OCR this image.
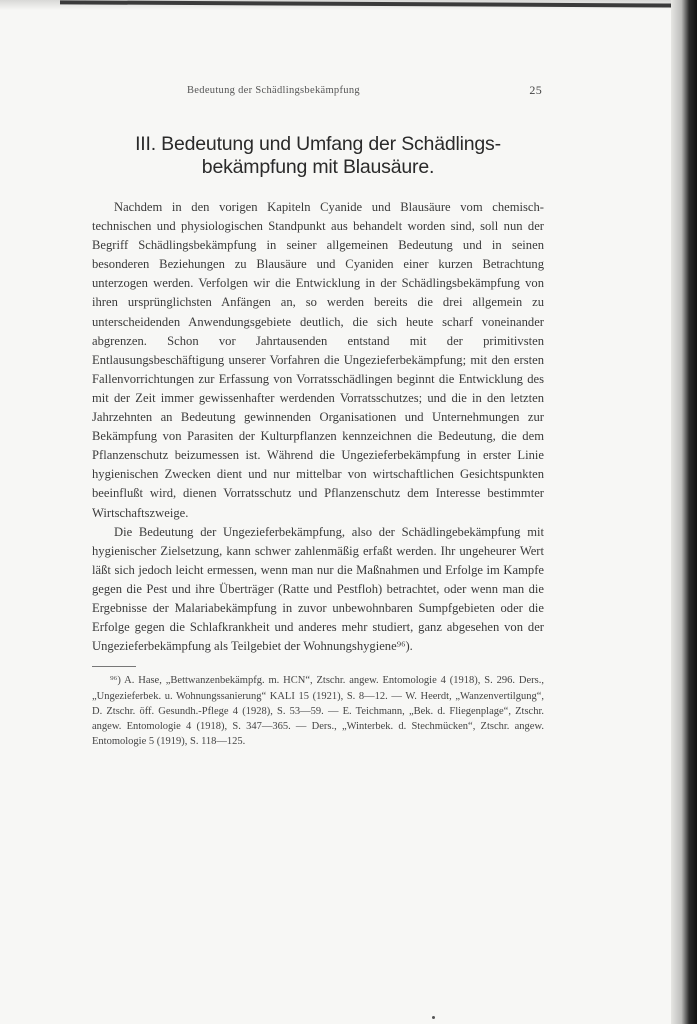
Bedeutung der Schädlingsbekämpfung	25
III. Bedeutung und Umfang der Schädlings-
bekämpfung mit Blausäure.

Nachdem in den vorigen Kapiteln Cyanide und Blausäure vom chemisch-technischen und physiologischen Standpunkt aus behandelt worden sind, soll nun der Begriff Schädlingsbekämpfung in seiner allgemeinen Bedeutung und in seinen besonderen Beziehungen zu Blausäure und Cyaniden einer kurzen Betrachtung unterzogen werden. Verfolgen wir die Entwicklung in der Schädlingsbekämpfung von ihren ursprünglichsten Anfängen an, so werden bereits die drei allgemein zu unterscheidenden Anwendungsgebiete deutlich, die sich heute scharf voneinander abgrenzen. Schon vor Jahrtausenden entstand mit der primitivsten Entlausungsbeschäftigung unserer Vorfahren die Ungezieferbekämpfung; mit den ersten Fallenvorrichtungen zur Erfassung von Vorratsschädlingen beginnt die Entwicklung des mit der Zeit immer gewissenhafter werdenden Vorratsschutzes; und die in den letzten Jahrzehnten an Bedeutung gewinnenden Organisationen und Unternehmungen zur Bekämpfung von Parasiten der Kulturpflanzen kennzeichnen die Bedeutung, die dem Pflanzenschutz beizumessen ist. Während die Ungezieferbekämpfung in erster Linie hygienischen Zwecken dient und nur mittelbar von wirtschaftlichen Gesichtspunkten beeinflußt wird, dienen Vorratsschutz und Pflanzenschutz dem Interesse bestimmter Wirtschaftszweige.

Die Bedeutung der Ungezieferbekämpfung, also der Schädlingebekämpfung mit hygienischer Zielsetzung, kann schwer zahlenmäßig erfaßt werden. Ihr ungeheurer Wert läßt sich jedoch leicht ermessen, wenn man nur die Maßnahmen und Erfolge im Kampfe gegen die Pest und ihre Überträger (Ratte und Pestfloh) betrachtet, oder wenn man die Ergebnisse der Malariabekämpfung in zuvor unbewohnbaren Sumpfgebieten oder die Erfolge gegen die Schlafkrankheit und anderes mehr studiert, ganz abgesehen von der Ungezieferbekämpfung als Teilgebiet der Wohnungshygiene⁹⁶).

⁹⁶) A. Hase, „Bettwanzenbekämpfg. m. HCN“, Ztschr. angew. Entomologie 4 (1918), S. 296. Ders., „Ungezieferbek. u. Wohnungssanierung“ KALI 15 (1921), S. 8—12. — W. Heerdt, „Wanzenvertilgung“, D. Ztschr. öff. Gesundh.-Pflege 4 (1928), S. 53—59. — E. Teichmann, „Bek. d. Fliegenplage“, Ztschr. angew. Entomologie 4 (1918), S. 347—365. — Ders., „Winterbek. d. Stechmücken“, Ztschr. angew. Entomologie 5 (1919), S. 118—125.
